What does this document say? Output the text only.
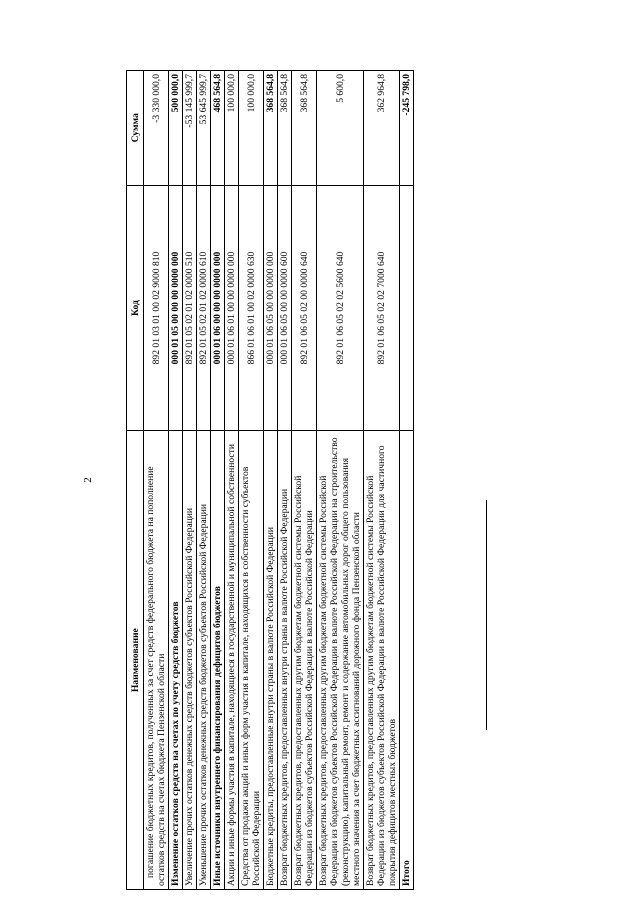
2
Наименование	Код	Сумма
погашение бюджетных кредитов, полученных за счет средств федерального бюджета на пополнение остатков средств на счетах бюджета Пензенской области	892 01 03 01 00 02 9000 810	-3 330 000,0
Изменение остатков средств на счетах по учету средств бюджетов	000 01 05 00 00 00 0000 000	500 000,0
Увеличение прочих остатков денежных средств бюджетов субъектов Российской Федерации	892 01 05 02 01 02 0000 510	-53 145 999,7
Уменьшение прочих остатков денежных средств бюджетов субъектов Российской Федерации	892 01 05 02 01 02 0000 610	53 645 999,7
Иные источники внутреннего финансирования дефицитов бюджетов	000 01 06 00 00 00 0000 000	468 564,8
Акции и иные формы участия в капитале, находящиеся в государственной и муниципальной собственности	000 01 06 01 00 00 0000 000	100 000,0
Средства от продажи акций и иных форм участия в капитале, находящихся в собственности субъектов Российской Федерации	866 01 06 01 00 02 0000 630	100 000,0
Бюджетные кредиты, предоставленные внутри страны в валюте Российской Федерации	000 01 06 05 00 00 0000 000	368 564,8
Возврат бюджетных кредитов, предоставленных внутри страны в валюте Российской Федерации	000 01 06 05 00 00 0000 600	368 564,8
Возврат бюджетных кредитов, предоставленных другим бюджетам бюджетной системы Российской Федерации из бюджетов субъектов Российской Федерации в валюте Российской Федерации	892 01 06 05 02 00 0000 640	368 564,8
Возврат бюджетных кредитов, предоставленных другим бюджетам бюджетной системы Российской Федерации из бюджетов субъектов Российской Федерации в валюте Российской Федерации на строительство (реконструкцию), капитальный ремонт, ремонт и содержание автомобильных дорог общего пользования местного значения за счет бюджетных ассигнований дорожного фонда Пензенской области	892 01 06 05 02 02 5600 640	5 600,0
Возврат бюджетных кредитов, предоставленных другим бюджетам бюджетной системы Российской Федерации из бюджетов субъектов Российской Федерации в валюте Российской Федерации для частичного покрытия дефицитов местных бюджетов	892 01 06 05 02 02 7000 640	362 964,8
Итого		-245 798,0
